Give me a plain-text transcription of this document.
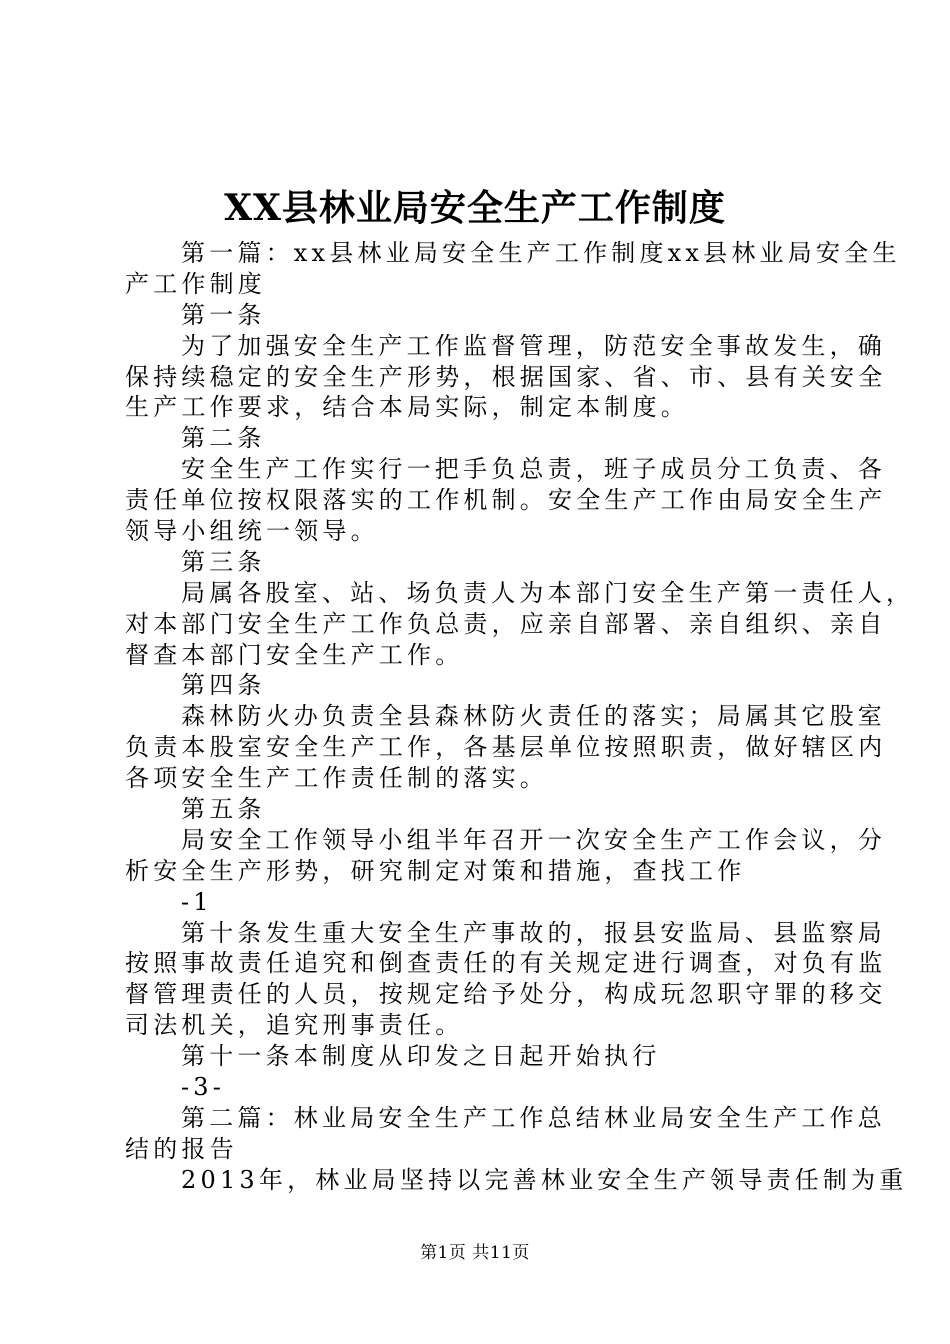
XX县林业局安全生产工作制度
第一篇：xx县林业局安全生产工作制度xx县林业局安全生
产工作制度
第一条
为了加强安全生产工作监督管理，防范安全事故发生，确
保持续稳定的安全生产形势，根据国家、省、市、县有关安全
生产工作要求，结合本局实际，制定本制度。
第二条
安全生产工作实行一把手负总责，班子成员分工负责、各
责任单位按权限落实的工作机制。安全生产工作由局安全生产
领导小组统一领导。
第三条
局属各股室、站、场负责人为本部门安全生产第一责任人，
对本部门安全生产工作负总责，应亲自部署、亲自组织、亲自
督查本部门安全生产工作。
第四条
森林防火办负责全县森林防火责任的落实；局属其它股室
负责本股室安全生产工作，各基层单位按照职责，做好辖区内
各项安全生产工作责任制的落实。
第五条
局安全工作领导小组半年召开一次安全生产工作会议，分
析安全生产形势，研究制定对策和措施，查找工作
-1
第十条发生重大安全生产事故的，报县安监局、县监察局
按照事故责任追究和倒查责任的有关规定进行调查，对负有监
督管理责任的人员，按规定给予处分，构成玩忽职守罪的移交
司法机关，追究刑事责任。
第十一条本制度从印发之日起开始执行
-3-
第二篇：林业局安全生产工作总结林业局安全生产工作总
结的报告
2013年，林业局坚持以完善林业安全生产领导责任制为重
第1页 共11页
